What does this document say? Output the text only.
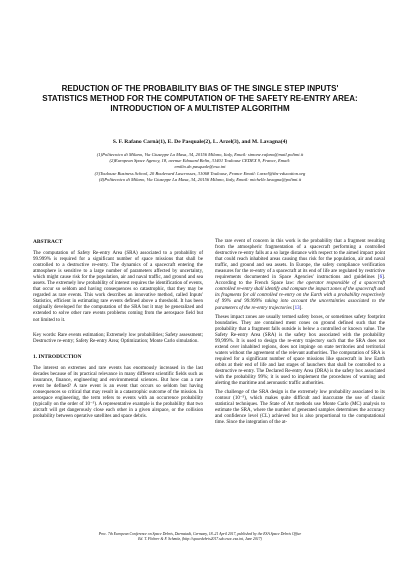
REDUCTION OF THE PROBABILITY BIAS OF THE SINGLE STEP INPUTS'
STATISTICS METHOD FOR THE COMPUTATION OF THE SAFETY RE-ENTRY AREA:
INTRODUCTION OF A MULTISTEP ALGORITHM
S. F. Rafano Carnà(1), E. De Pasquale(2), L. Arzel(3), and M. Lavagna(4)
(1)Politecnico di Milano, Via Giuseppe La Masa, 34, 20156 Milano, Italy, Email: simone.rafano@mail.polimi.it
(2)European Space Agency, 18, avenue Edouard Belin, 31401 Toulouse CEDEX 9, France, Email:
emilio.de.pasquale@esa.int
(3)Toulouse Business School, 20 Boulevard Lascrosses, 31068 Toulouse, France Email: l.arzel@tbs-education.org
(4)Politecnico di Milano, Via Giuseppe La Masa, 34, 20156 Milano, Italy, Email: michelle.lavagna@polimi.it
ABSTRACT
The computation of Safety Re-entry Area (SRA) associated to a probability of 99.999% is required for a significant number of space missions that shall be controlled to a destructive re-entry. The dynamics of a spacecraft entering the atmosphere is sensitive to a large number of parameters affected by uncertainty, which might cause risk for the population, air and naval traffic, and ground and sea assets. The extremely low probability of interest requires the identification of events, that occur so seldom and having consequences so catastrophic, that they may be regarded as rare events. This work describes an innovative method, called Inputs' Statistics, efficient in estimating rare events defined above a threshold. It has been originally developed for the computation of the SRA but it may be generalized and extended to solve other rare events problems coming from the aerospace field but not limited to it.
Key words: Rare events estimation; Extremely low probabilities; Safety assessment; Destructive re-entry; Safety Re-entry Area; Optimization; Monte Carlo simulation.
1. INTRODUCTION
The interest on extremes and rare events has enormously increased in the last decades because of its practical relevance in many different scientific fields such as insurance, finance, engineering and environmental sciences. But how can a rare event be defined? A rare event is an event that occurs so seldom but having consequences so critical that may result in a catastrophic outcome of the mission. In aerospace engineering, the term refers to events with an occurrence probability (typically on the order of 10⁻⁵). A representative example is the probability that two aircraft will get dangerously close each other in a given airspace, or the collision probability between operative satellites and space debris.
The rare event of concern in this work is the probability that a fragment resulting from the atmospheric fragmentation of a spacecraft performing a controlled destructive re-entry falls at a so large distance with respect to the aimed impact point that could reach inhabited areas causing thus risk for the population, air and naval traffic, and ground and sea assets. In Europe, the safety compliance verification measures for the re-entry of a spacecraft at its end of life are regulated by restrictive requirements documented in Space Agencies' instructions and guidelines [6]. According to the French Space law: the operator responsible of a spacecraft controlled re-entry shall identify and compute the impact zones of the spacecraft and its fragments for all controlled re-entry on the Earth with a probability respectively of 99% and 99.999% taking into account the uncertainties associated to the parameters of the re-entry trajectories [13].
Theses impact zones are usually termed safety boxes, or sometimes safety footprint boundaries. They are contained ment cones on ground defined such that the probability that a fragment falls outside is below a controlled or known value. The Safety Re-entry Area (SRA) is the safety box associated with the probability 99,999%. It is used to design the re-entry trajectory such that the SRA does not extend over inhabited regions, does not impinge on state territories and territorial waters without the agreement of the relevant authorities. The computation of SRA is required for a significant number of space missions like spacecraft in low Earth orbits at their end of life and last stages of launchers that shall be controlled to a destructive re-entry. The Declared Re-entry Area (DRA) is the safety box associated with the probability 99%; it is used to implement the procedures of warning and alerting the maritime and aeronautic traffic authorities.
The challenge of the SRA design is the extremely low probability associated to its contour (10⁻⁵), which makes quite difficult and inaccurate the use of classic statistical techniques. The State of Art methods use Monte Carlo (MC) analysis to estimate the SRA, where the number of generated samples determines the accuracy and confidence level (CL) achieved but is also proportional to the computational time. Since the integration of the at-
Proc. 7th European Conference on Space Debris, Darmstadt, Germany, 18–21 April 2017, published by the ESA Space Debris Office
Ed. T. Flohrer & F. Schmitz, (http://spacedebris2017.sdo.esoc.esa.int, June 2017)
